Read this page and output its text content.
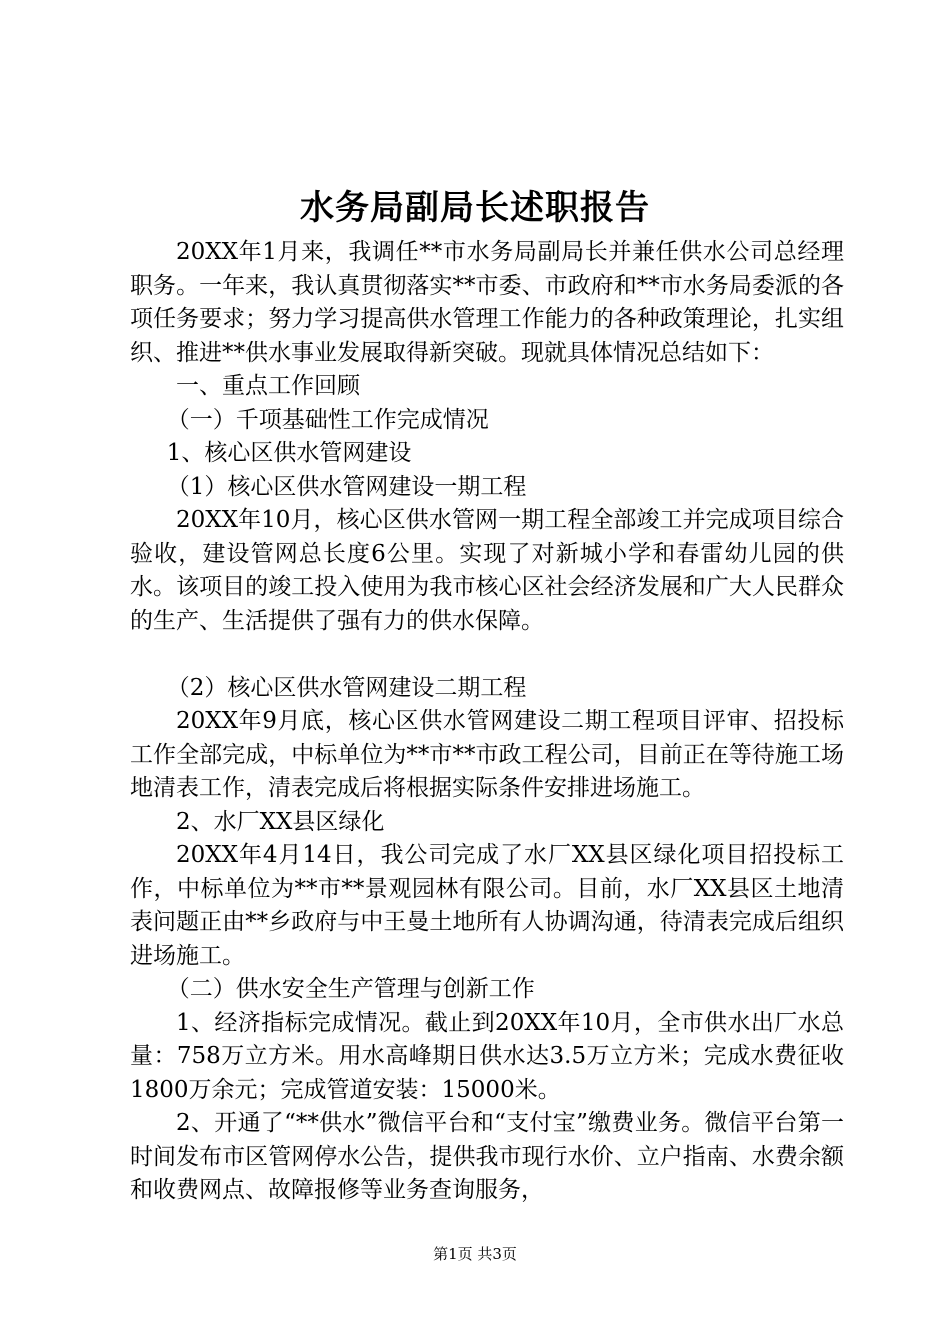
水务局副局长述职报告

20XX年1月来，我调任**市水务局副局长并兼任供水公司总经理职务。一年来，我认真贯彻落实**市委、市政府和**市水务局委派的各项任务要求；努力学习提高供水管理工作能力的各种政策理论，扎实组织、推进**供水事业发展取得新突破。现就具体情况总结如下：

一、重点工作回顾

（一）千项基础性工作完成情况

1、核心区供水管网建设

（1）核心区供水管网建设一期工程

20XX年10月，核心区供水管网一期工程全部竣工并完成项目综合验收，建设管网总长度6公里。实现了对新城小学和春雷幼儿园的供水。该项目的竣工投入使用为我市核心区社会经济发展和广大人民群众的生产、生活提供了强有力的供水保障。

（2）核心区供水管网建设二期工程

20XX年9月底，核心区供水管网建设二期工程项目评审、招投标工作全部完成，中标单位为**市**市政工程公司，目前正在等待施工场地清表工作，清表完成后将根据实际条件安排进场施工。

2、水厂XX县区绿化

20XX年4月14日，我公司完成了水厂XX县区绿化项目招投标工作，中标单位为**市**景观园林有限公司。目前，水厂XX县区土地清表问题正由**乡政府与中王曼土地所有人协调沟通，待清表完成后组织进场施工。

（二）供水安全生产管理与创新工作

1、经济指标完成情况。截止到20XX年10月，全市供水出厂水总量：758万立方米。用水高峰期日供水达3.5万立方米；完成水费征收1800万余元；完成管道安装：15000米。

2、开通了“**供水”微信平台和“支付宝”缴费业务。微信平台第一时间发布市区管网停水公告，提供我市现行水价、立户指南、水费余额和收费网点、故障报修等业务查询服务，

第1页 共3页
